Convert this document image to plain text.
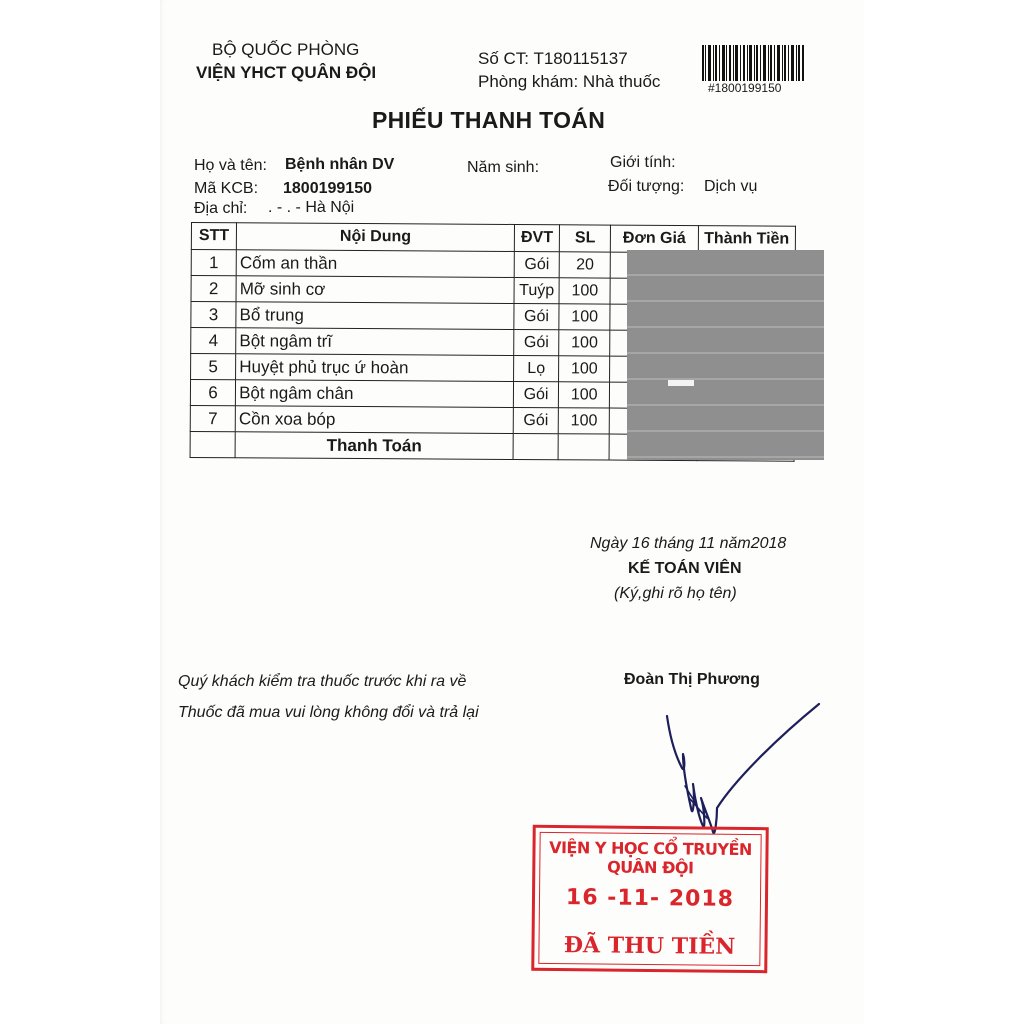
BỘ QUỐC PHÒNG
VIỆN YHCT QUÂN ĐỘI
Số CT: T180115137
Phòng khám: Nhà thuốc	#1800199150
PHIẾU THANH TOÁN
Họ và tên: Bệnh nhân DV	Năm sinh:	Giới tính:
Mã KCB: 1800199150	Đối tượng: Dịch vụ
Địa chỉ: . - . - Hà Nội
STT	Nội Dung	ĐVT	SL	Đơn Giá	Thành Tiền
1	Cốm an thần	Gói	20		
2	Mỡ sinh cơ	Tuýp	100		
3	Bổ trung	Gói	100		
4	Bột ngâm trĩ	Gói	100		
5	Huyệt phủ trục ứ hoàn	Lọ	100		
6	Bột ngâm chân	Gói	100		
7	Cồn xoa bóp	Gói	100		
	Thanh Toán				
Ngày 16 tháng 11 năm2018
KẾ TOÁN VIÊN
(Ký,ghi rõ họ tên)
Quý khách kiểm tra thuốc trước khi ra về
Thuốc đã mua vui lòng không đổi và trả lại
Đoàn Thị Phương
VIỆN Y HỌC CỔ TRUYỀN QUÂN ĐỘI
16 -11- 2018
ĐÃ THU TIỀN
